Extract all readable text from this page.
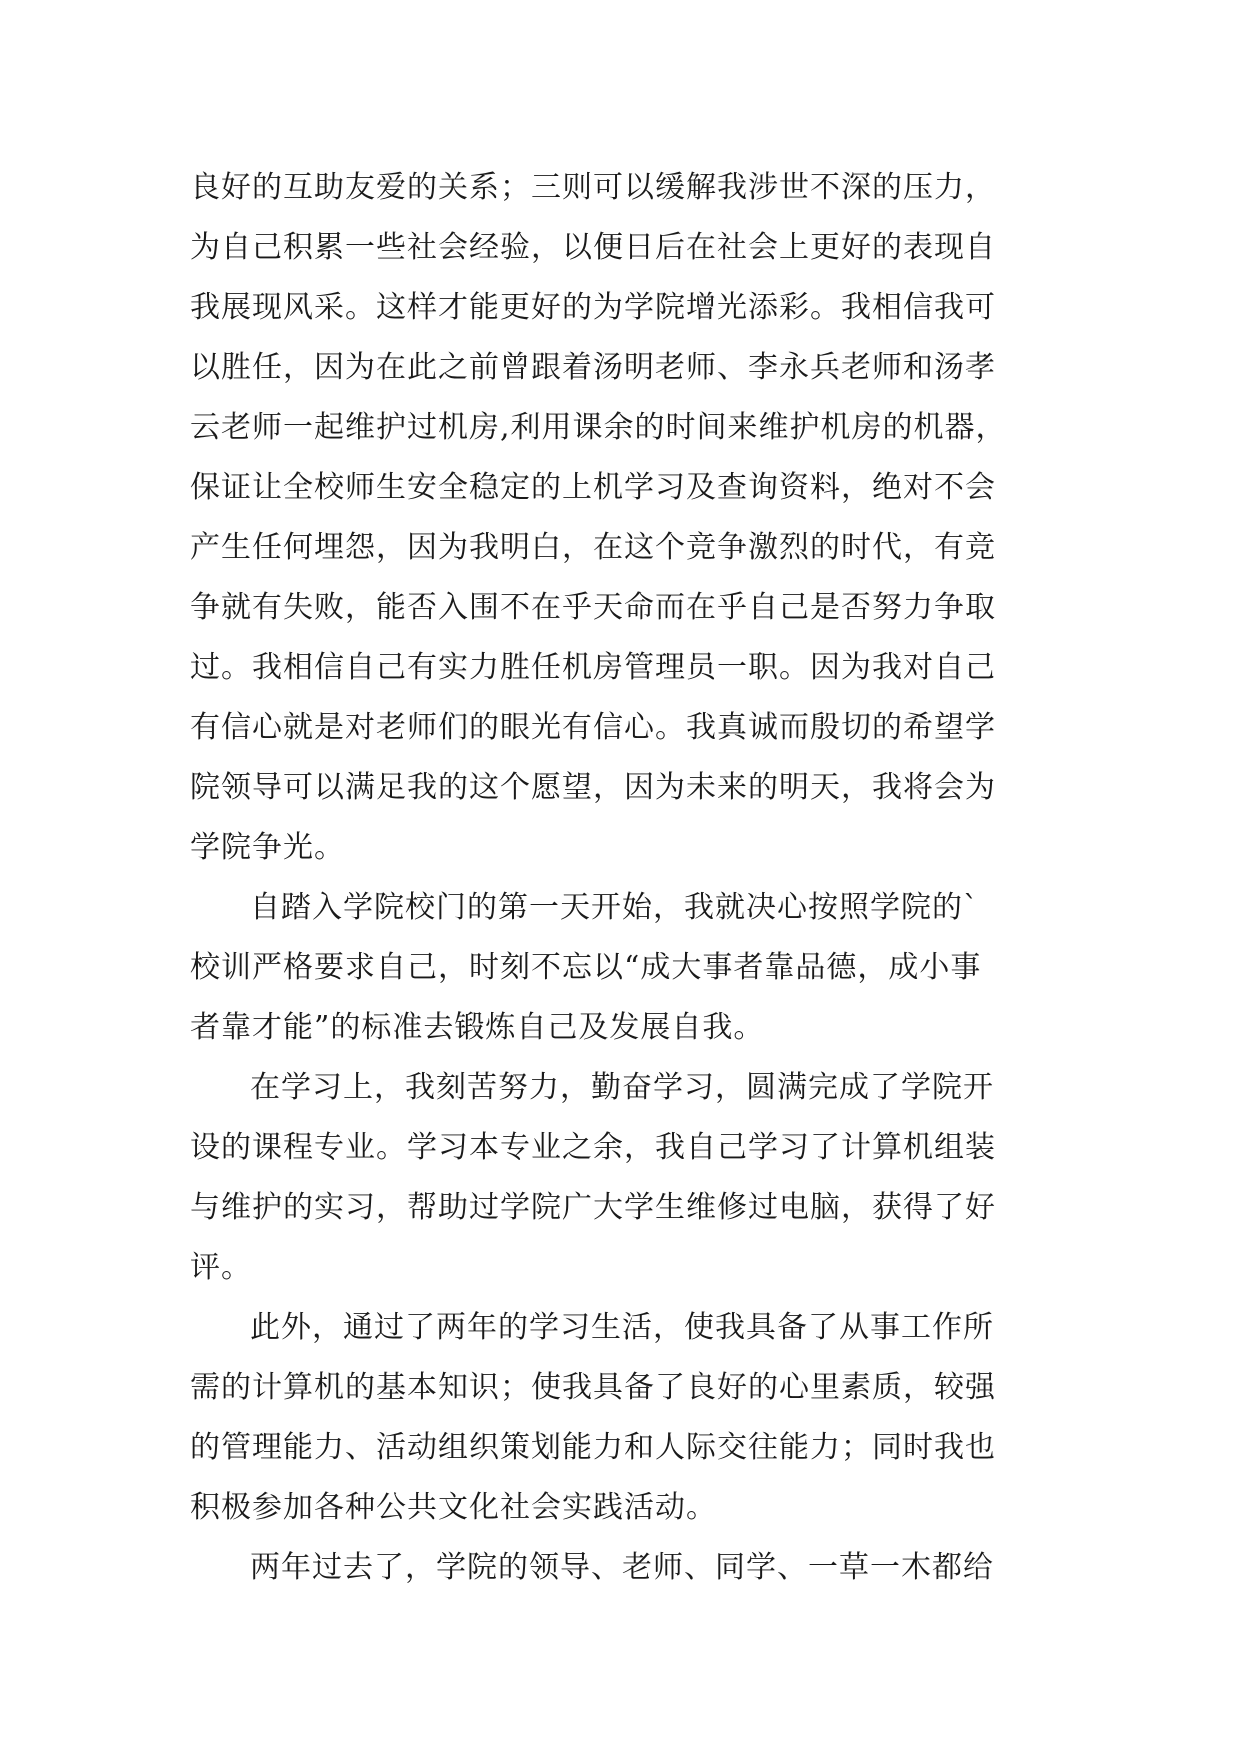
良好的互助友爱的关系；三则可以缓解我涉世不深的压力，
为自己积累一些社会经验，以便日后在社会上更好的表现自
我展现风采。这样才能更好的为学院增光添彩。我相信我可
以胜任，因为在此之前曾跟着汤明老师、李永兵老师和汤孝
云老师一起维护过机房,利用课余的时间来维护机房的机器，
保证让全校师生安全稳定的上机学习及查询资料，绝对不会
产生任何埋怨，因为我明白，在这个竞争激烈的时代，有竞
争就有失败，能否入围不在乎天命而在乎自己是否努力争取
过。我相信自己有实力胜任机房管理员一职。因为我对自己
有信心就是对老师们的眼光有信心。我真诚而殷切的希望学
院领导可以满足我的这个愿望，因为未来的明天，我将会为
学院争光。
自踏入学院校门的第一天开始，我就决心按照学院的`
校训严格要求自己，时刻不忘以“成大事者靠品德，成小事
者靠才能”的标准去锻炼自己及发展自我。
在学习上，我刻苦努力，勤奋学习，圆满完成了学院开
设的课程专业。学习本专业之余，我自己学习了计算机组装
与维护的实习，帮助过学院广大学生维修过电脑，获得了好
评。
此外，通过了两年的学习生活，使我具备了从事工作所
需的计算机的基本知识；使我具备了良好的心里素质，较强
的管理能力、活动组织策划能力和人际交往能力；同时我也
积极参加各种公共文化社会实践活动。
两年过去了，学院的领导、老师、同学、一草一木都给
